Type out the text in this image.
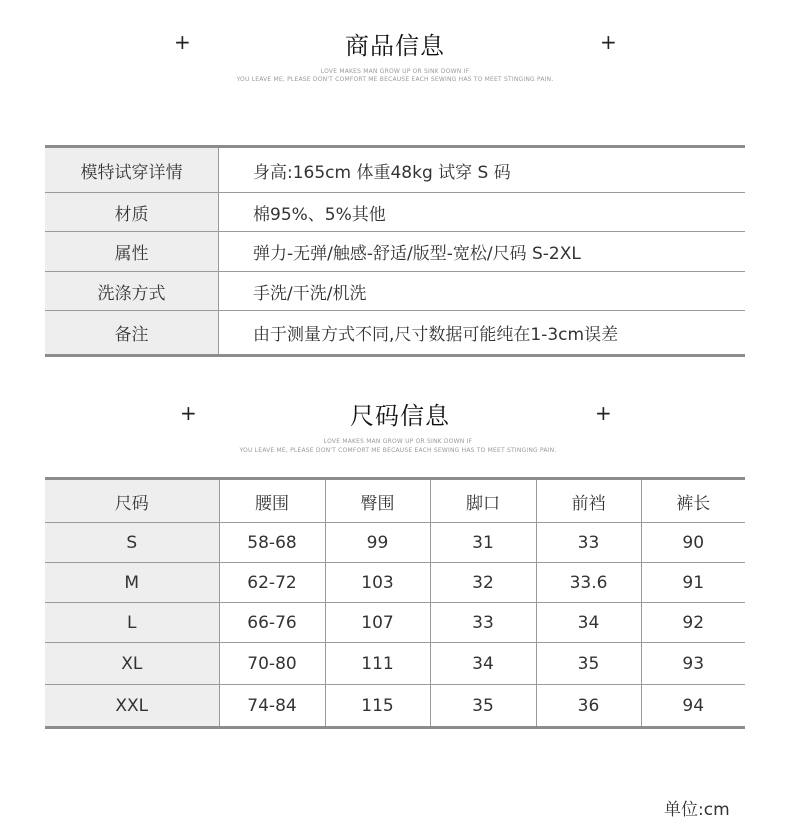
+	商品信息	+
LOVE MAKES MAN GROW UP OR SINK DOWN IF
YOU LEAVE ME, PLEASE DON'T COMFORT ME BECAUSE EACH SEWING HAS TO MEET STINGING PAIN.
模特试穿详情	身高:165cm 体重48kg 试穿 S 码
材质	棉95%、5%其他
属性	弹力-无弹/触感-舒适/版型-宽松/尺码 S-2XL
洗涤方式	手洗/干洗/机洗
备注	由于测量方式不同,尺寸数据可能纯在1-3cm误差
+	尺码信息	+
LOVE MAKES MAN GROW UP OR SINK DOWN IF
YOU LEAVE ME, PLEASE DON'T COMFORT ME BECAUSE EACH SEWING HAS TO MEET STINGING PAIN.
尺码	腰围	臀围	脚口	前裆	裤长
S	58-68	99	31	33	90
M	62-72	103	32	33.6	91
L	66-76	107	33	34	92
XL	70-80	111	34	35	93
XXL	74-84	115	35	36	94
单位:cm
